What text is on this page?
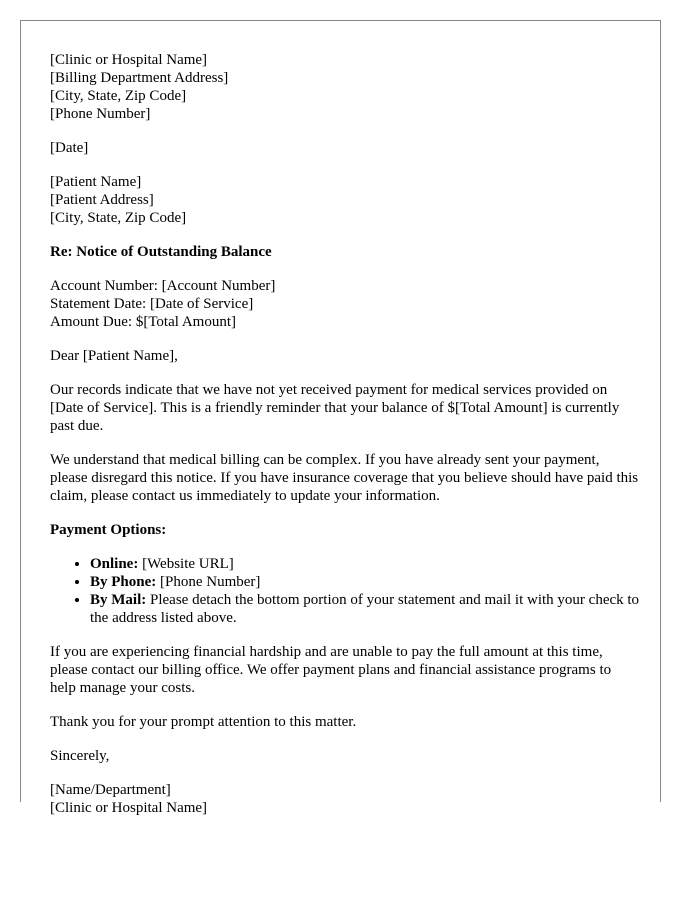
[Clinic or Hospital Name]
[Billing Department Address]
[City, State, Zip Code]
[Phone Number]
[Date]
[Patient Name]
[Patient Address]
[City, State, Zip Code]
Re: Notice of Outstanding Balance
Account Number: [Account Number]
Statement Date: [Date of Service]
Amount Due: $[Total Amount]

Dear [Patient Name],

Our records indicate that we have not yet received payment for medical services provided on [Date of Service]. This is a friendly reminder that your balance of $[Total Amount] is currently past due.

We understand that medical billing can be complex. If you have already sent your payment, please disregard this notice. If you have insurance coverage that you believe should have paid this claim, please contact us immediately to update your information.

Payment Options:

• Online: [Website URL]
• By Phone: [Phone Number]
• By Mail: Please detach the bottom portion of your statement and mail it with your check to the address listed above.

If you are experiencing financial hardship and are unable to pay the full amount at this time, please contact our billing office. We offer payment plans and financial assistance programs to help manage your costs.

Thank you for your prompt attention to this matter.

Sincerely,

[Name/Department]
[Clinic or Hospital Name]
